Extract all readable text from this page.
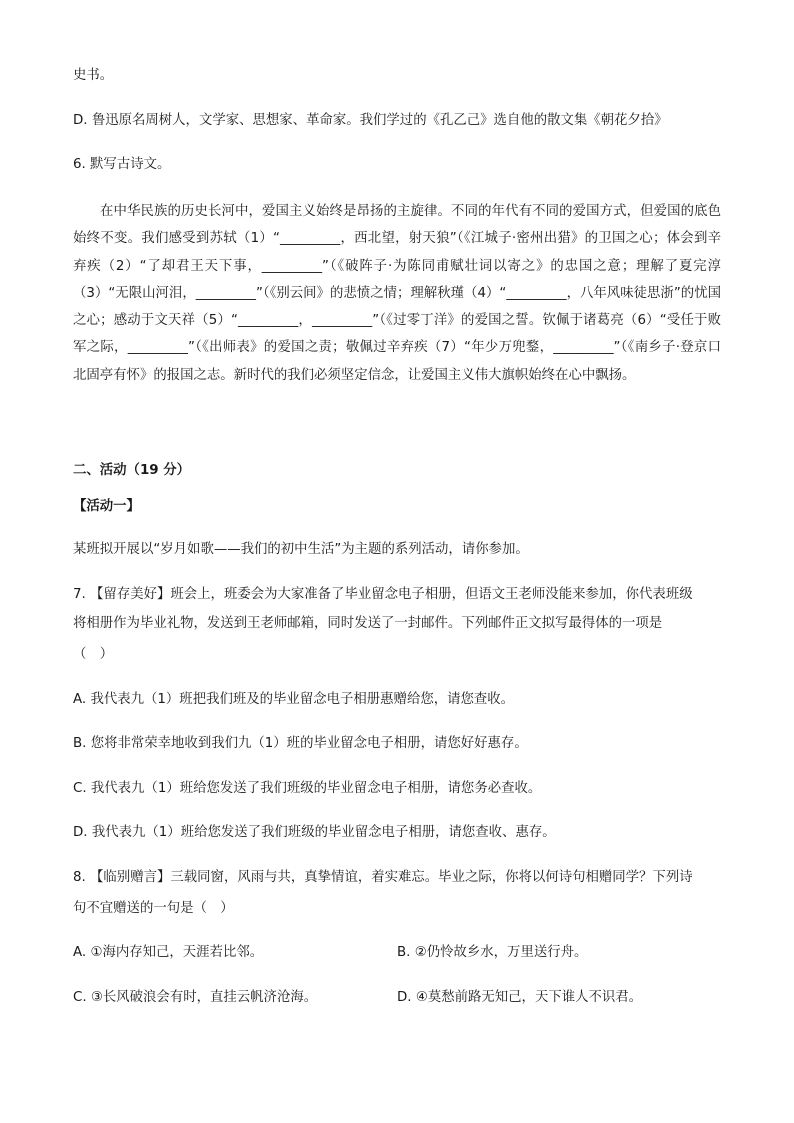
史书。
D. 鲁迅原名周树人，文学家、思想家、革命家。我们学过的《孔乙己》选自他的散文集《朝花夕拾》
6. 默写古诗文。
在中华民族的历史长河中，爱国主义始终是昂扬的主旋律。不同的年代有不同的爱国方式，但爱国的底色始终不变。我们感受到苏轼（1）“_________，西北望，射天狼”（《江城子·密州出猎》的卫国之心；体会到辛弃疾（2）“了却君王天下事，_________”（《破阵子·为陈同甫赋壮词以寄之》的忠国之意；理解了夏完淳（3）“无限山河泪，_________”（《别云间》的悲愤之情；理解秋瑾（4）“_________，八年风味徒思浙”的忧国之心；感动于文天祥（5）“_________，_________”（《过零丁洋》的爱国之誓。钦佩于诸葛亮（6）“受任于败军之际，_________”（《出师表》的爱国之责；敬佩过辛弃疾（7）“年少万兜鍪，_________”（《南乡子·登京口北固亭有怀》的报国之志。新时代的我们必须坚定信念，让爱国主义伟大旗帜始终在心中飘扬。
二、活动（19 分）
【活动一】
某班拟开展以“岁月如歌——我们的初中生活”为主题的系列活动，请你参加。
7. 【留存美好】班会上，班委会为大家准备了毕业留念电子相册，但语文王老师没能来参加，你代表班级
将相册作为毕业礼物，发送到王老师邮箱，同时发送了一封邮件。下列邮件正文拟写最得体的一项是
（　）
A. 我代表九（1）班把我们班及的毕业留念电子相册惠赠给您，请您查收。
B. 您将非常荣幸地收到我们九（1）班的毕业留念电子相册，请您好好惠存。
C. 我代表九（1）班给您发送了我们班级的毕业留念电子相册，请您务必查收。
D. 我代表九（1）班给您发送了我们班级的毕业留念电子相册，请您查收、惠存。
8. 【临别赠言】三载同窗，风雨与共，真挚情谊，着实难忘。毕业之际，你将以何诗句相赠同学？下列诗
句不宜赠送的一句是（　）
A. ①海内存知己，天涯若比邻。	B. ②仍怜故乡水，万里送行舟。
C. ③长风破浪会有时，直挂云帆济沧海。	D. ④莫愁前路无知己，天下谁人不识君。
